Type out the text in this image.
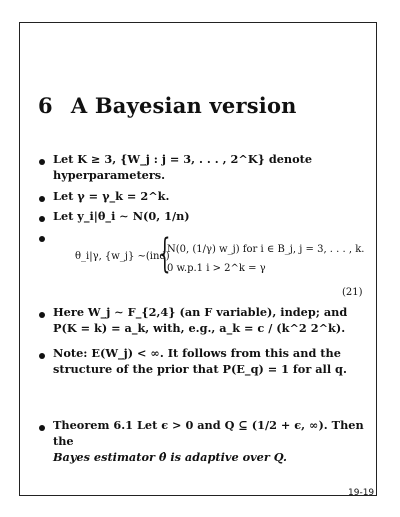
6 A Bayesian version
Let K ≥ 3, {W_j : j = 3, . . . , 2^K} denote
hyperparameters.
Let γ = γ_k = 2^k.
Let y_i|θ_i ∼ N(0, 1/n)
θ_i|γ, {w_j} ∼(ind)
{
N(0, (1/γ) w_j) for i ∈ B_j, j = 3, . . . , k.
0 w.p.1 i > 2^k = γ
(21)
Here W_j ∼ F_{2,4} (an F variable), indep; and
P(K = k) = a_k, with, e.g., a_k = c / (k^2 2^k).
Note: E(W_j) < ∞. It follows from this and the
structure of the prior that P(E_q) = 1 for all q.
Theorem 6.1 Let ϵ > 0 and Q ⊆ (1/2 + ϵ, ∞). Then the
Bayes estimator θ̂ is adaptive over Q.
19-19
